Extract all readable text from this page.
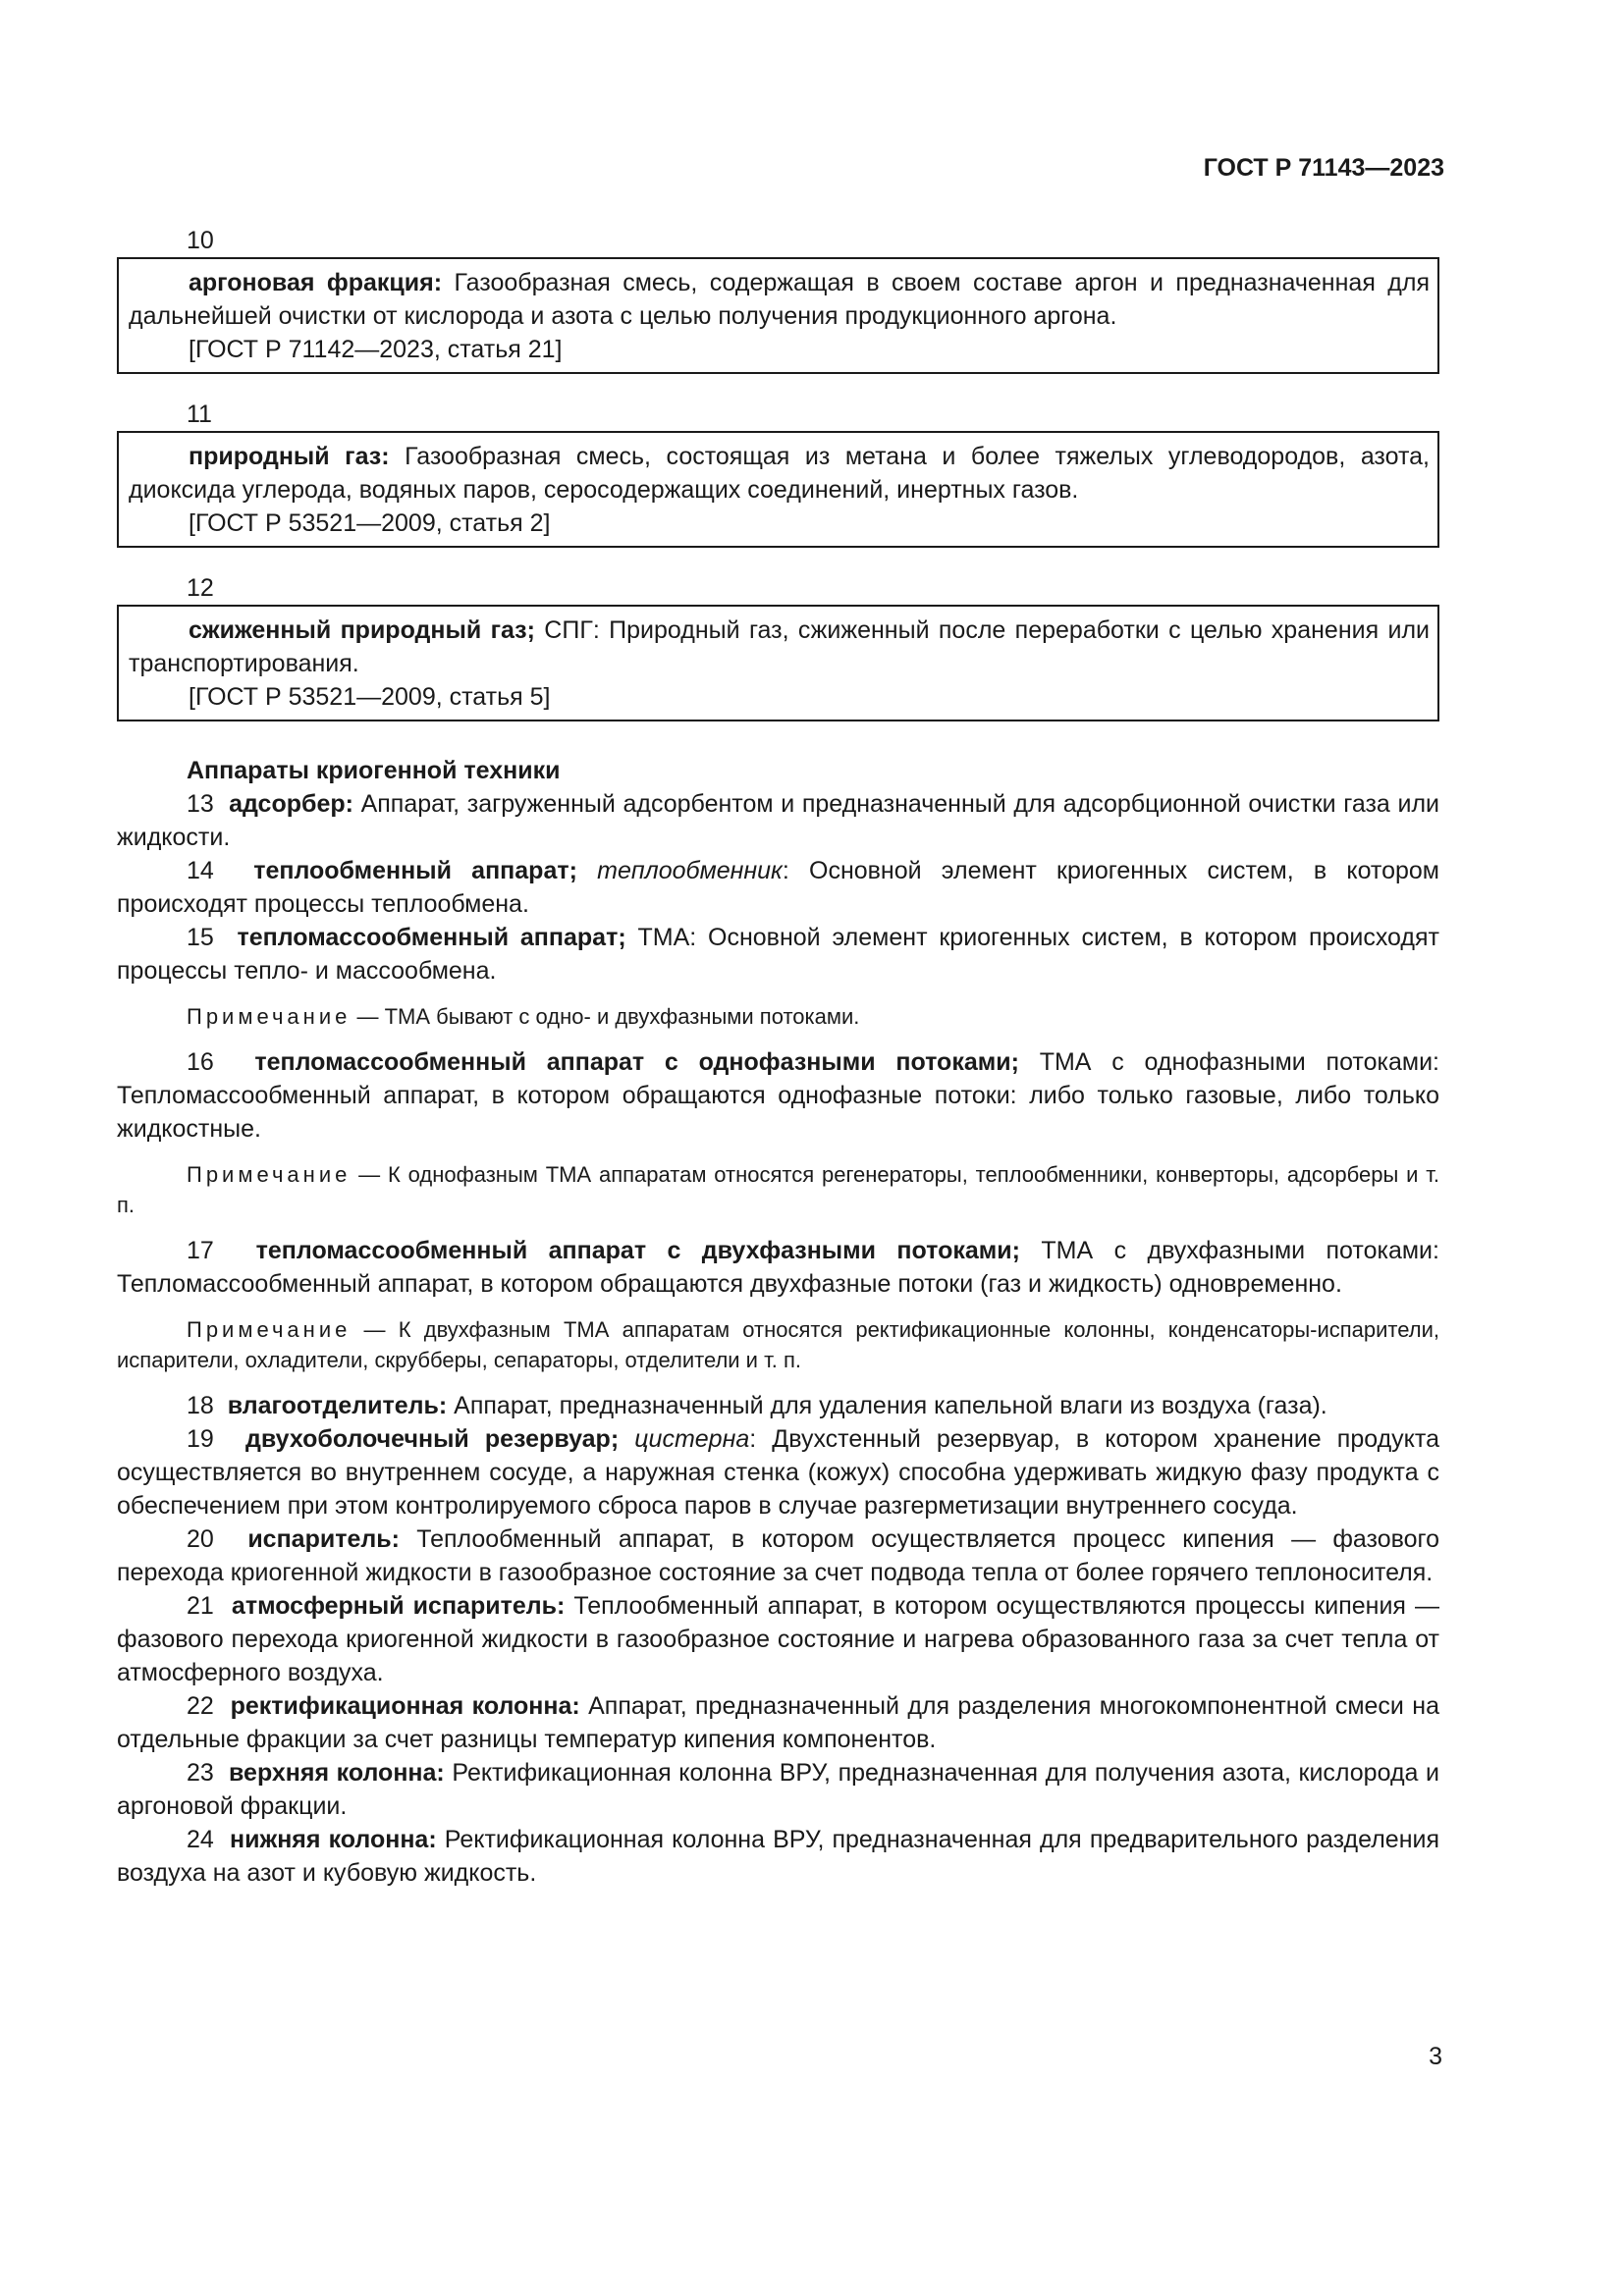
ГОСТ Р 71143—2023
10

аргоновая фракция: Газообразная смесь, содержащая в своем составе аргон и предназначенная для дальнейшей очистки от кислорода и азота с целью получения продукционного аргона.

[ГОСТ Р 71142—2023, статья 21]

11

природный газ: Газообразная смесь, состоящая из метана и более тяжелых углеводородов, азота, диоксида углерода, водяных паров, серосодержащих соединений, инертных газов.

[ГОСТ Р 53521—2009, статья 2]

12

сжиженный природный газ; СПГ: Природный газ, сжиженный после переработки с целью хранения или транспортирования.

[ГОСТ Р 53521—2009, статья 5]

Аппараты криогенной техники

13 адсорбер: Аппарат, загруженный адсорбентом и предназначенный для адсорбционной очистки газа или жидкости.

14 теплообменный аппарат; теплообменник: Основной элемент криогенных систем, в котором происходят процессы теплообмена.

15 тепломассообменный аппарат; ТМА: Основной элемент криогенных систем, в котором происходят процессы тепло- и массообмена.

Примечание — ТМА бывают с одно- и двухфазными потоками.

16 тепломассообменный аппарат с однофазными потоками; ТМА с однофазными потоками: Тепломассообменный аппарат, в котором обращаются однофазные потоки: либо только газовые, либо только жидкостные.

Примечание — К однофазным ТМА аппаратам относятся регенераторы, теплообменники, конверторы, адсорберы и т. п.

17 тепломассообменный аппарат с двухфазными потоками; ТМА с двухфазными потоками: Тепломассообменный аппарат, в котором обращаются двухфазные потоки (газ и жидкость) одновременно.

Примечание — К двухфазным ТМА аппаратам относятся ректификационные колонны, конденсаторы-испарители, испарители, охладители, скрубберы, сепараторы, отделители и т. п.

18 влагоотделитель: Аппарат, предназначенный для удаления капельной влаги из воздуха (газа).

19 двухоболочечный резервуар; цистерна: Двухстенный резервуар, в котором хранение продукта осуществляется во внутреннем сосуде, а наружная стенка (кожух) способна удерживать жидкую фазу продукта с обеспечением при этом контролируемого сброса паров в случае разгерметизации внутреннего сосуда.

20 испаритель: Теплообменный аппарат, в котором осуществляется процесс кипения — фазового перехода криогенной жидкости в газообразное состояние за счет подвода тепла от более горячего теплоносителя.

21 атмосферный испаритель: Теплообменный аппарат, в котором осуществляются процессы кипения — фазового перехода криогенной жидкости в газообразное состояние и нагрева образованного газа за счет тепла от атмосферного воздуха.

22 ректификационная колонна: Аппарат, предназначенный для разделения многокомпонентной смеси на отдельные фракции за счет разницы температур кипения компонентов.

23 верхняя колонна: Ректификационная колонна ВРУ, предназначенная для получения азота, кислорода и аргоновой фракции.

24 нижняя колонна: Ректификационная колонна ВРУ, предназначенная для предварительного разделения воздуха на азот и кубовую жидкость.

3
